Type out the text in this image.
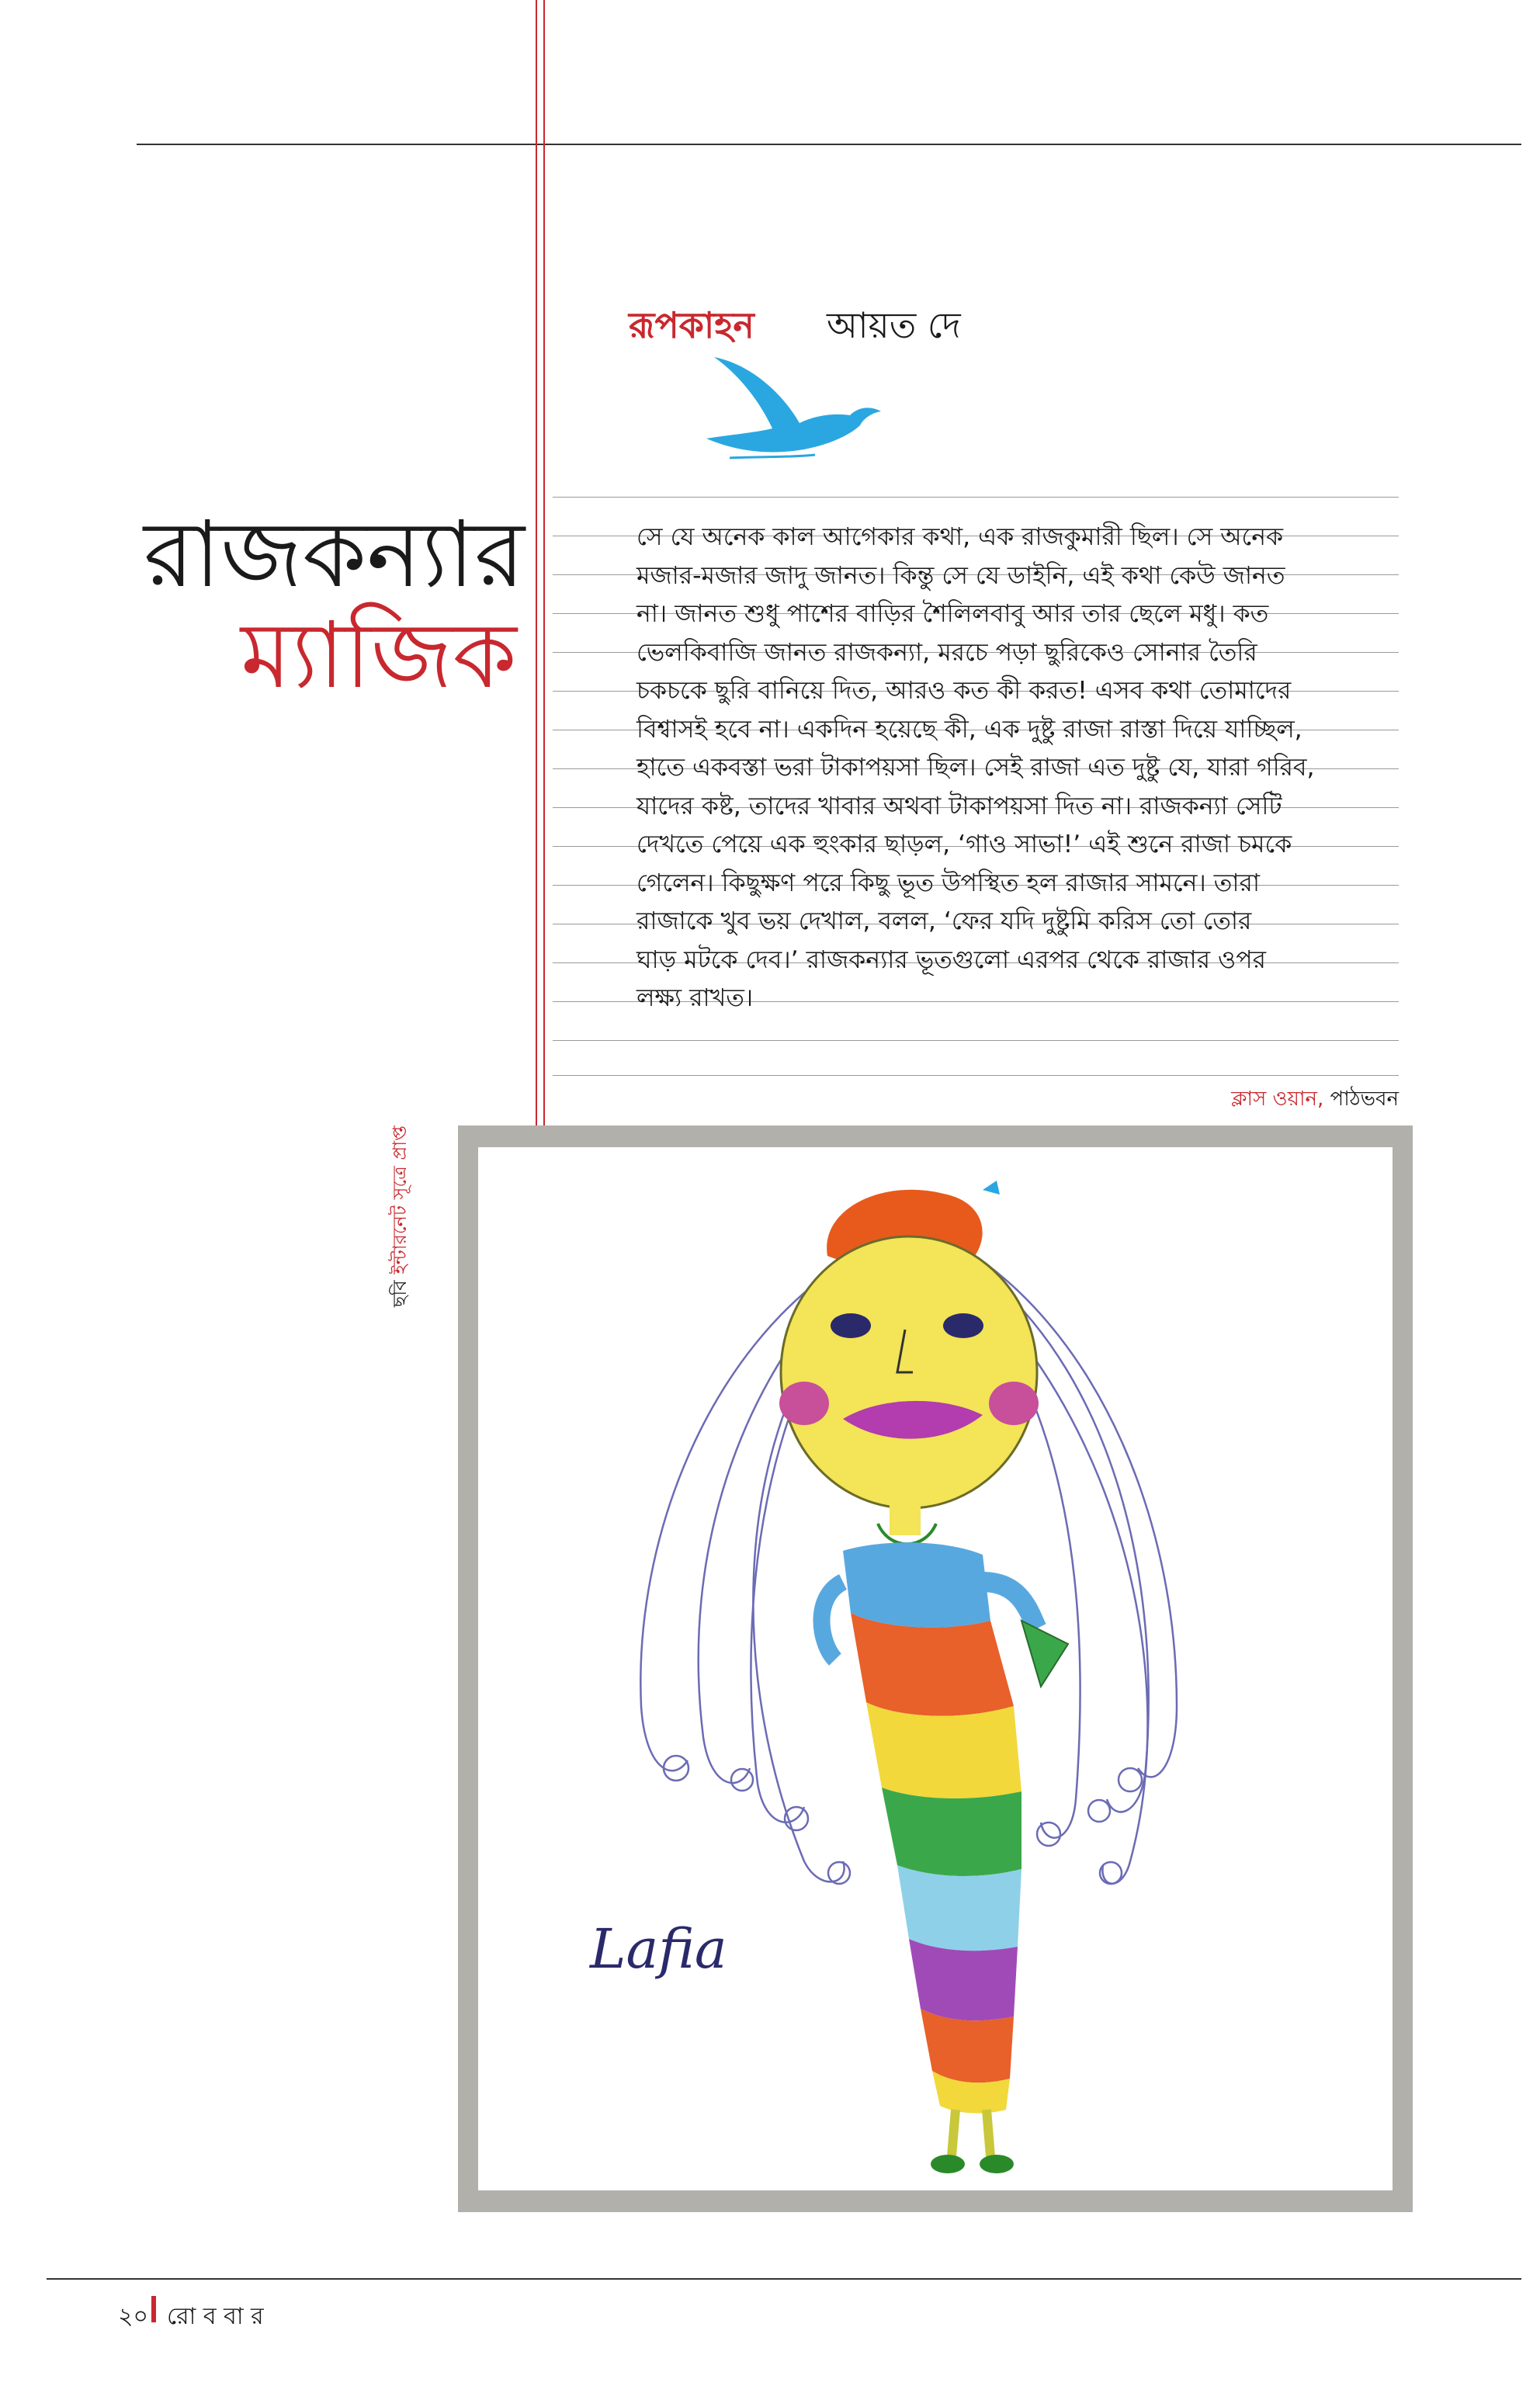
রূপকাহন আয়ত দে
রাজকন্যার
ম্যাজিক
সে যে অনেক কাল আগেকার কথা, এক রাজকুমারী ছিল। সে অনেক
মজার-মজার জাদু জানত। কিন্তু সে যে ডাইনি, এই কথা কেউ জানত
না। জানত শুধু পাশের বাড়ির শৈলিলবাবু আর তার ছেলে মধু। কত
ভেলকিবাজি জানত রাজকন্যা, মরচে পড়া ছুরিকেও সোনার তৈরি
চকচকে ছুরি বানিয়ে দিত, আরও কত কী করত! এসব কথা তোমাদের
বিশ্বাসই হবে না। একদিন হয়েছে কী, এক দুষ্টু রাজা রাস্তা দিয়ে যাচ্ছিল,
হাতে একবস্তা ভরা টাকাপয়সা ছিল। সেই রাজা এত দুষ্টু যে, যারা গরিব,
যাদের কষ্ট, তাদের খাবার অথবা টাকাপয়সা দিত না। রাজকন্যা সেটি
দেখতে পেয়ে এক হুংকার ছাড়ল, ‘গাও সাভা!’ এই শুনে রাজা চমকে
গেলেন। কিছুক্ষণ পরে কিছু ভূত উপস্থিত হল রাজার সামনে। তারা
রাজাকে খুব ভয় দেখাল, বলল, ‘ফের যদি দুষ্টুমি করিস তো তোর
ঘাড় মটকে দেব।’ রাজকন্যার ভূতগুলো এরপর থেকে রাজার ওপর
লক্ষ্য রাখত।
ক্লাস ওয়ান, পাঠভবন
ছবি ইন্টারনেট সূত্রে প্রাপ্ত
Lafia
২০ রো ব বা র
